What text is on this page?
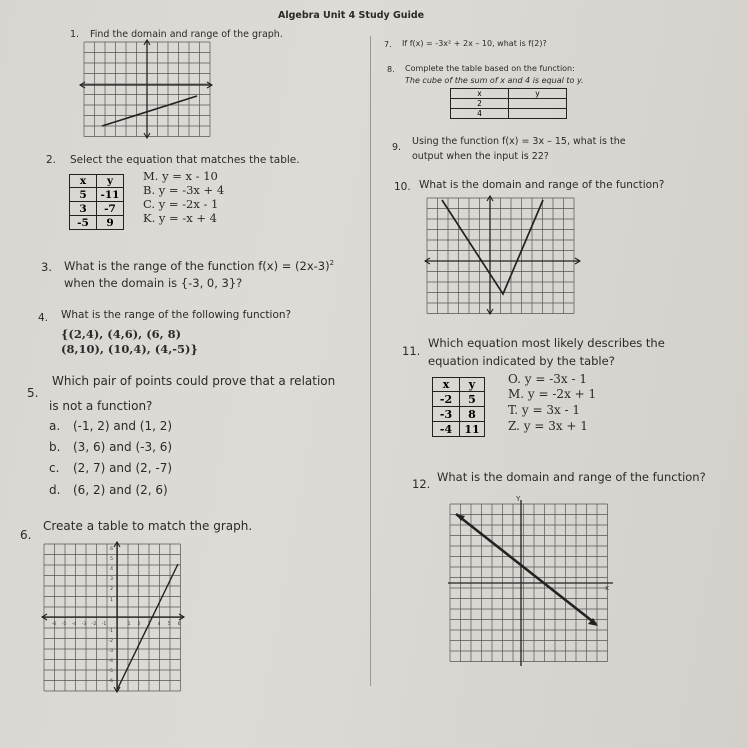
Algebra Unit 4 Study Guide
1. Find the domain and range of the graph.
2. Select the equation that matches the table.
x	y
5	-11
3	-7
-5	9
M. y = x - 10
B. y = -3x + 4
C. y = -2x - 1
K. y = -x + 4
3. What is the range of the function $f(x) = (2x-3)^2$
when the domain is {-3, 0, 3}?
4. What is the range of the following function?
{(2,4), (4,6), (6, 8)
(8,10), (10,4), (4,-5)}
5.
Which pair of points could prove that a relation
is not a function?
a. (-1, 2) and (1, 2)
b. (3, 6) and (-3, 6)
c. (2, 7) and (2, -7)
d. (6, 2) and (2, 6)
6.
Create a table to match the graph.
-6 -5 -4 -3 -2 -1	1 2	4 5 6
6
5
4
3
2
1
-1
-2
-3
-4
-5
-6
7. If f(x) = -3x² + 2x – 10, what is f(2)?
8. Complete the table based on the function:
The cube of the sum of x and 4 is equal to y.
x	y
2	
4	
9.
Using the function f(x) = 3x – 15, what is the
output when the input is 22?
10. What is the domain and range of the function?
11.
Which equation most likely describes the
equation indicated by the table?
x	y
-2	5
-3	8
-4	11
O. y = -3x - 1
M. y = -2x + 1
T. y = 3x - 1
Z. y = 3x + 1
12. What is the domain and range of the function?
Y
x
